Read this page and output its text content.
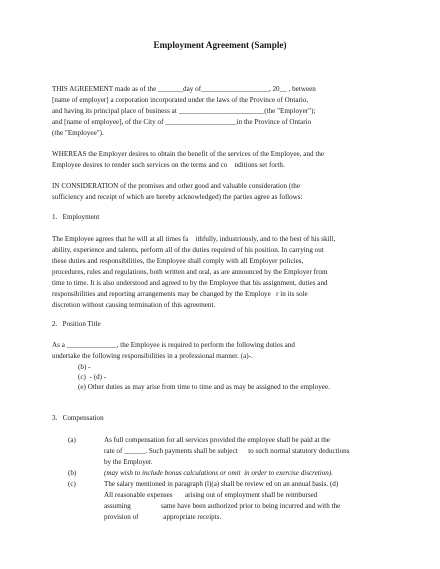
Employment Agreement (Sample)
THIS AGREEMENT made as of the _______day of___________________, 20__ , between
[name of employer] a corporation incorporated under the laws of the Province of Ontario,
and having its principal place of business at ________________________(the "Employer");
and [name of employee], of the City of ____________________in the Province of Ontario
(the "Employee").
WHEREAS the Employer desires to obtain the benefit of the services of the Employee, and the
Employee desires to render such services on the terms and co    nditions set forth.
IN CONSIDERATION of the promises and other good and valuable consideration (the
sufficiency and receipt of which are hereby acknowledged) the parties agree as follows:
1.   Employment
The Employee agrees that he will at all times fa    ithfully, industriously, and to the best of his skill,
ability, experience and talents, perform all of the duties required of his position. In carrying out
these duties and responsibilities, the Employee shall comply with all Employer policies,
procedures, rules and regulations, both written and oral, as are announced by the Employer from
time to time. It is also understood and agreed to by the Employee that his assignment, duties and
responsibilities and reporting arrangements may be changed by the Employe   r in its sole
discretion without causing termination of this agreement.
2.   Position Title
As a ______________, the Employee is required to perform the following duties and
undertake the following responsibilities in a professional manner. (a)-.
(b) -
(c)  - (d) -
(e) Other duties as may arise from time to time and as may be assigned to the employee.
3.   Compensation
(a)	As full compensation for all services provided the employee shall be paid at the
rate of ______. Such payments shall be subject      to such normal statutory deductions
by the Employer.
(b)	(may wish to include bonus calculations or omit  in order to exercise discretion).
(c)	The salary mentioned in paragraph (l)(a) shall be review ed on an annual basis. (d)
All reasonable expenses       arising out of employment shall be reimbursed
assuming                 same have been authorized prior to being incurred and with the
provision of              appropriate receipts.
